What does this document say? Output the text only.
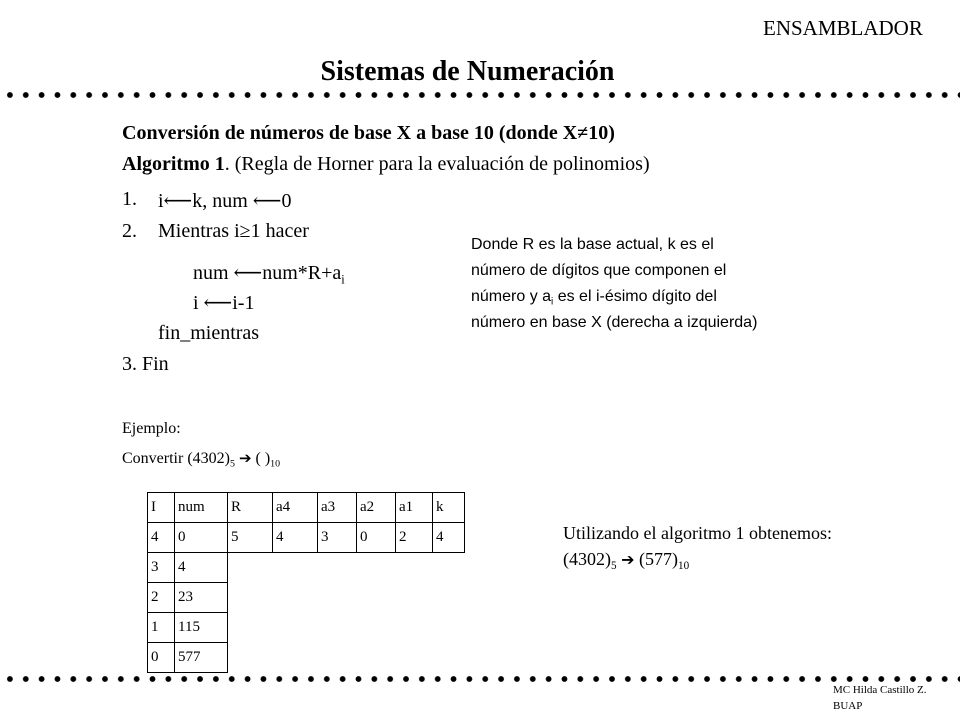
ENSAMBLADOR
Sistemas de Numeración
Conversión de números de base X a base 10 (donde X≠10)
Algoritmo 1. (Regla de Horner para la evaluación de polinomios)
1. i⟵k, num ⟵0
2. Mientras i≥1 hacer
num $⟵num*R+a_i$
i ⟵i-1
fin_mientras
3. Fin
Donde R es la base actual, k es el
número de dígitos que componen el
número y $a_i$ es el i-ésimo dígito del
número en base X (derecha a izquierda)
Ejemplo:
Convertir $(4302)_5$ ➔ ( )$_{10}$
I	num	R	a4	a3	a2	a1	k
4	0	5	4	3	0	2	4
3	4						
2	23						
1	115						
0	577						
Utilizando el algoritmo 1 obtenemos:
$(4302)_5$ ➔ $(577)_{10}$
MC Hilda Castillo Z.
BUAP
